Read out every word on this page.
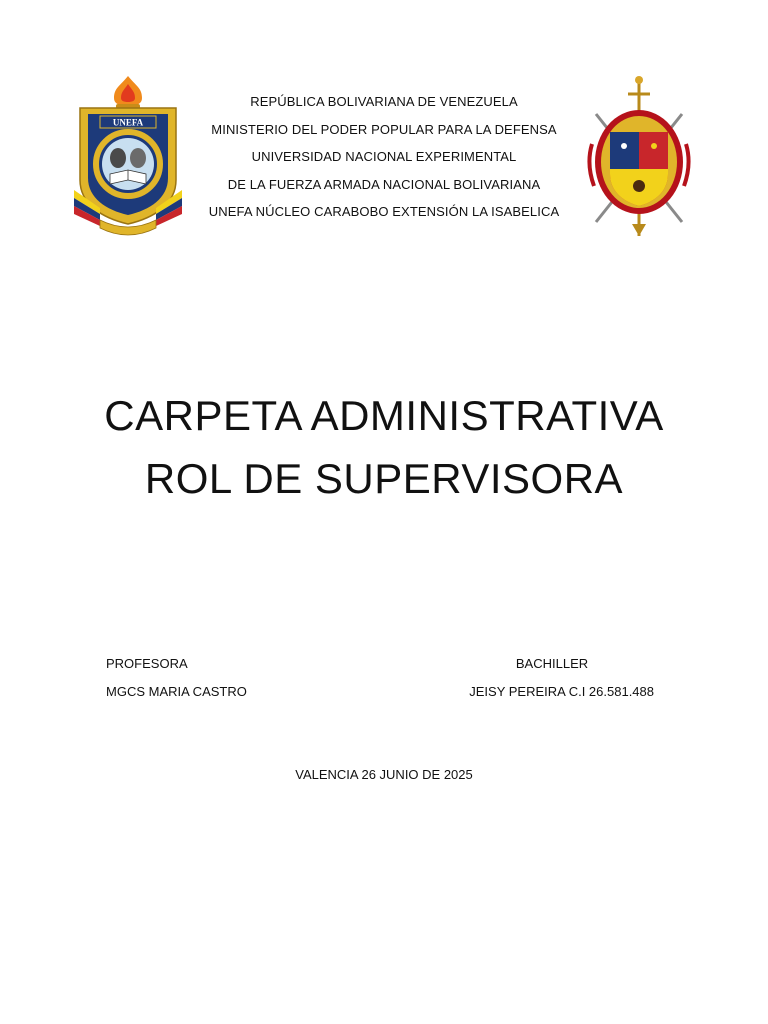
UNEFA
REPÚBLICA BOLIVARIANA DE VENEZUELA
MINISTERIO DEL PODER POPULAR PARA LA DEFENSA
UNIVERSIDAD NACIONAL EXPERIMENTAL
DE LA FUERZA ARMADA NACIONAL BOLIVARIANA
UNEFA NÚCLEO CARABOBO EXTENSIÓN LA ISABELICA
CARPETA ADMINISTRATIVA
ROL DE SUPERVISORA
PROFESORA
MGCS MARIA CASTRO
BACHILLER
JEISY PEREIRA C.I 26.581.488
VALENCIA 26 JUNIO DE 2025
